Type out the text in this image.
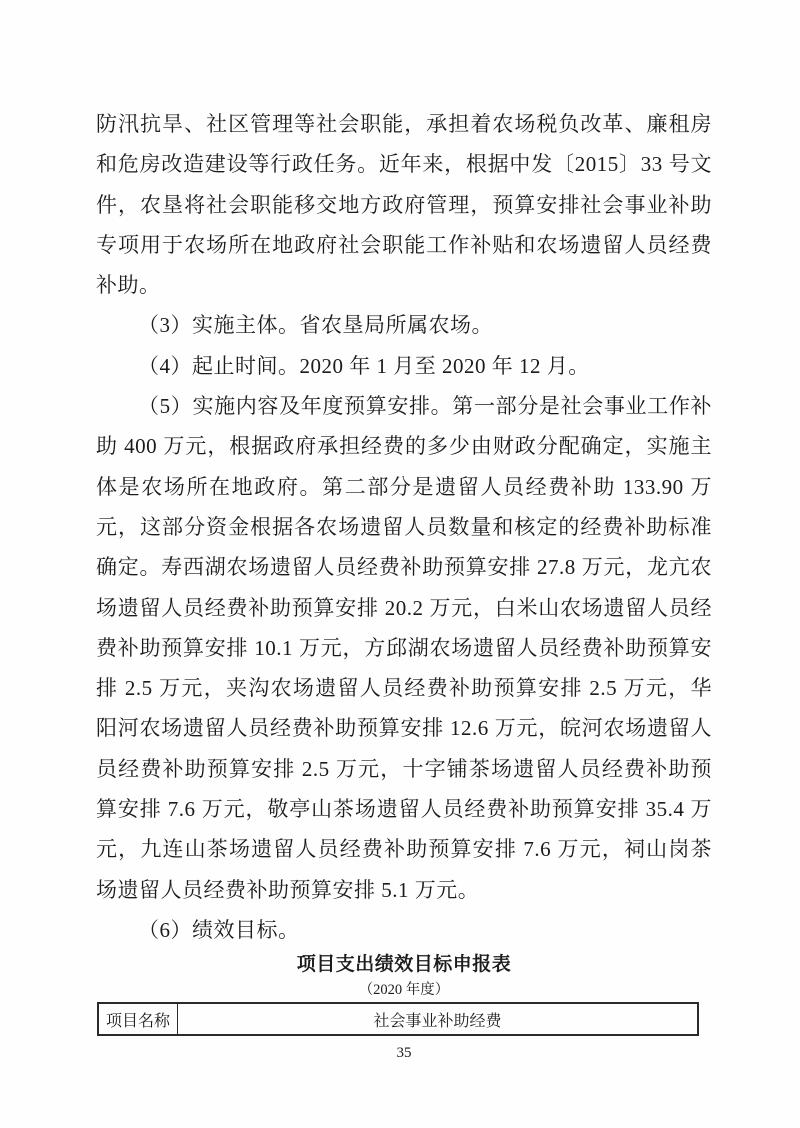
防汛抗旱、社区管理等社会职能，承担着农场税负改革、廉租房
和危房改造建设等行政任务。近年来，根据中发〔2015〕33 号文
件，农垦将社会职能移交地方政府管理，预算安排社会事业补助
专项用于农场所在地政府社会职能工作补贴和农场遗留人员经费
补助。
（3）实施主体。省农垦局所属农场。
（4）起止时间。2020 年 1 月至 2020 年 12 月。
（5）实施内容及年度预算安排。第一部分是社会事业工作补
助 400 万元，根据政府承担经费的多少由财政分配确定，实施主
体是农场所在地政府。第二部分是遗留人员经费补助 133.90 万
元，这部分资金根据各农场遗留人员数量和核定的经费补助标准
确定。寿西湖农场遗留人员经费补助预算安排 27.8 万元，龙亢农
场遗留人员经费补助预算安排 20.2 万元，白米山农场遗留人员经
费补助预算安排 10.1 万元，方邱湖农场遗留人员经费补助预算安
排 2.5 万元，夹沟农场遗留人员经费补助预算安排 2.5 万元，华
阳河农场遗留人员经费补助预算安排 12.6 万元，皖河农场遗留人
员经费补助预算安排 2.5 万元，十字铺茶场遗留人员经费补助预
算安排 7.6 万元，敬亭山茶场遗留人员经费补助预算安排 35.4 万
元，九连山茶场遗留人员经费补助预算安排 7.6 万元，祠山岗茶
场遗留人员经费补助预算安排 5.1 万元。
（6）绩效目标。
项目支出绩效目标申报表
（2020 年度）
项目名称	社会事业补助经费
35
